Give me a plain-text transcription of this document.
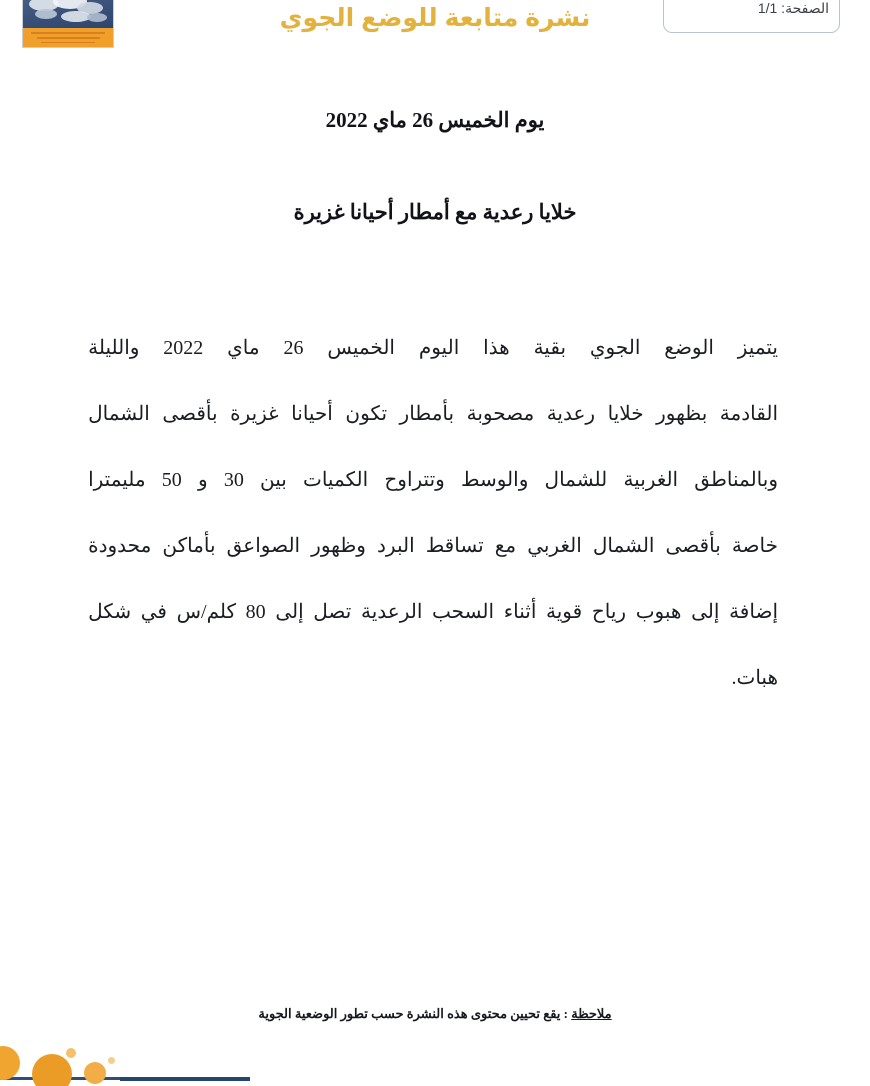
نشرة متابعة للوضع الجوي	الصفحة: 1/1
يوم الخميس 26 ماي 2022
خلايا رعدية مع أمطار أحيانا غزيرة

يتميز
الوضع
الجوي
بقية
هذا
اليوم
الخميس
26
ماي
2022
والليلة

القادمة
بظهور
خلايا
رعدية
مصحوبة
بأمطار
تكون
أحيانا
غزيرة
بأقصى
الشمال

وبالمناطق
الغربية
للشمال
والوسط
وتتراوح
الكميات
بين
30
و
50
مليمترا

خاصة
بأقصى
الشمال
الغربي
مع
تساقط
البرد
وظهور
الصواعق
بأماكن
محدودة

إضافة
إلى
هبوب
رياح
قوية
أثناء
السحب
الرعدية
تصل
إلى
80
كلم/س
في
شكل

هبات.

ملاحظة : يقع تحيين محتوى هذه النشرة حسب تطور الوضعية الجوية
